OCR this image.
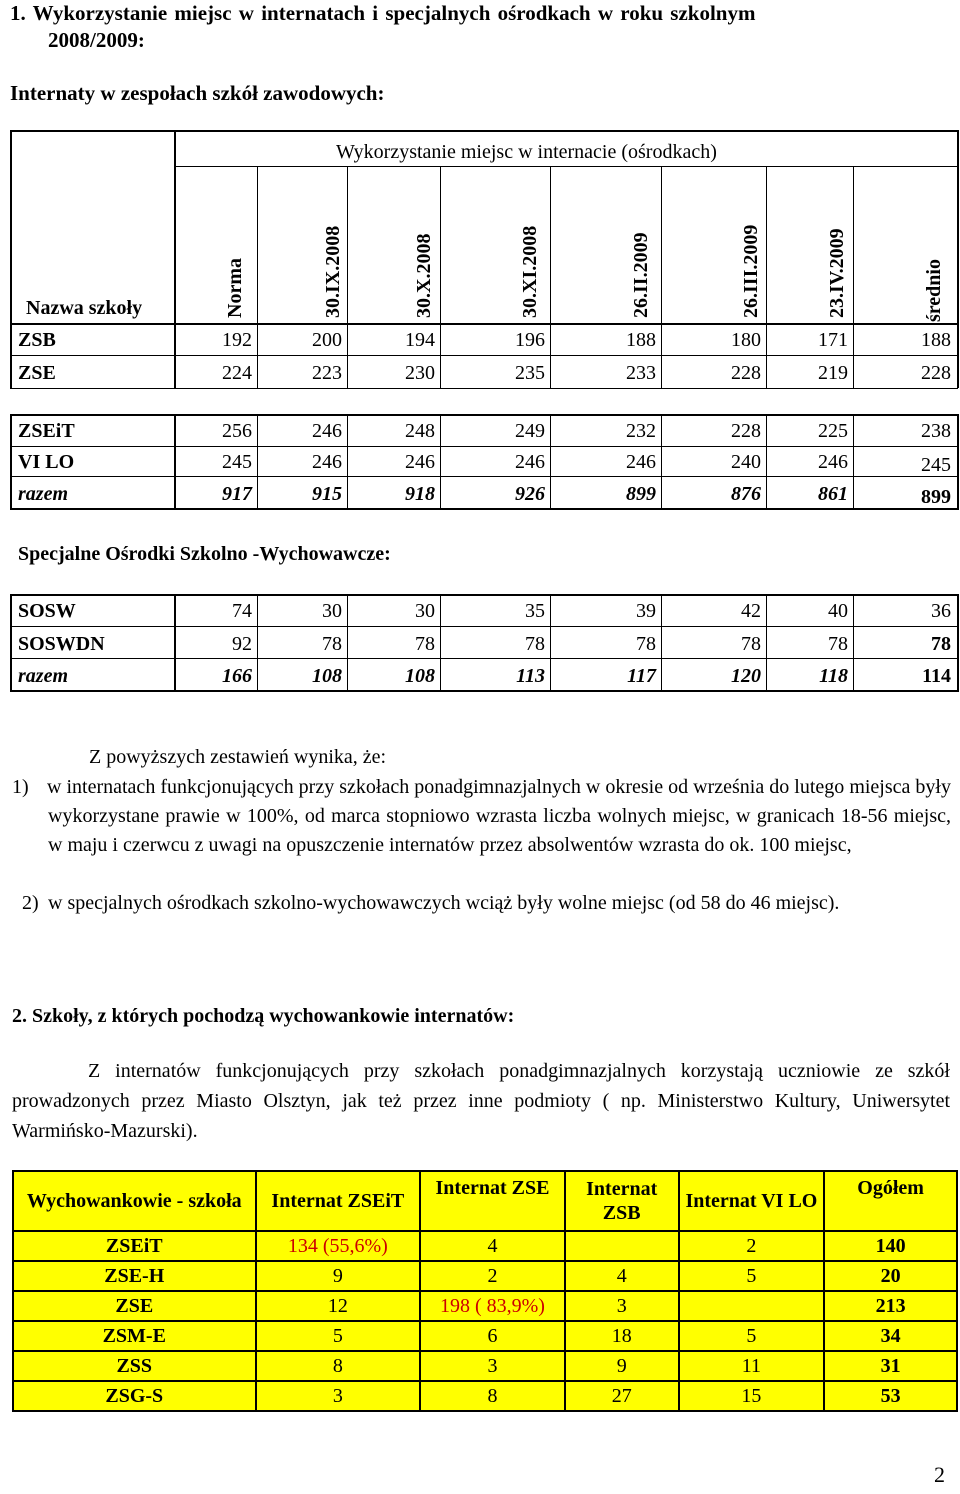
1. Wykorzystanie miejsc w internatach i specjalnych ośrodkach w roku szkolnym
2008/2009:
Internaty w zespołach szkół zawodowych:
Wykorzystanie miejsc w internacie (ośrodkach)
Nazwa szkoły	Norma	30.IX.2008	30.X.2008	30.XI.2008	26.II.2009	26.III.2009	23.IV.2009	średnio
ZSB	192	200	194	196	188	180	171	188
ZSE	224	223	230	235	233	228	219	228
ZSEiT	256	246	248	249	232	228	225	238
VI LO	245	246	246	246	246	240	246	245
razem	917	915	918	926	899	876	861	899
Specjalne Ośrodki Szkolno -Wychowawcze:
SOSW	74	30	30	35	39	42	40	36
SOSWDN	92	78	78	78	78	78	78	78
razem	166	108	108	113	117	120	118	114
Z powyższych zestawień wynika, że:
1) w internatach funkcjonujących przy szkołach ponadgimnazjalnych w okresie od września do lutego miejsca były wykorzystane prawie w 100%, od marca stopniowo wzrasta liczba wolnych miejsc, w granicach 18-56 miejsc, w maju i czerwcu z uwagi na opuszczenie internatów przez absolwentów wzrasta do ok. 100 miejsc,
2) w specjalnych ośrodkach szkolno-wychowawczych wciąż były wolne miejsc (od 58 do 46 miejsc).
2. Szkoły, z których pochodzą wychowankowie internatów:
Z internatów funkcjonujących przy szkołach ponadgimnazjalnych korzystają uczniowie ze szkół prowadzonych przez Miasto Olsztyn, jak też przez inne podmioty ( np. Ministerstwo Kultury, Uniwersytet Warmińsko-Mazurski).
Wychowankowie - szkoła	Internat ZSEiT	Internat ZSE	Internat ZSB	Internat VI LO	Ogółem
ZSEiT	134 (55,6%)	4		2	140
ZSE-H	9	2	4	5	20
ZSE	12	198 ( 83,9%)	3		213
ZSM-E	5	6	18	5	34
ZSS	8	3	9	11	31
ZSG-S	3	8	27	15	53
2
